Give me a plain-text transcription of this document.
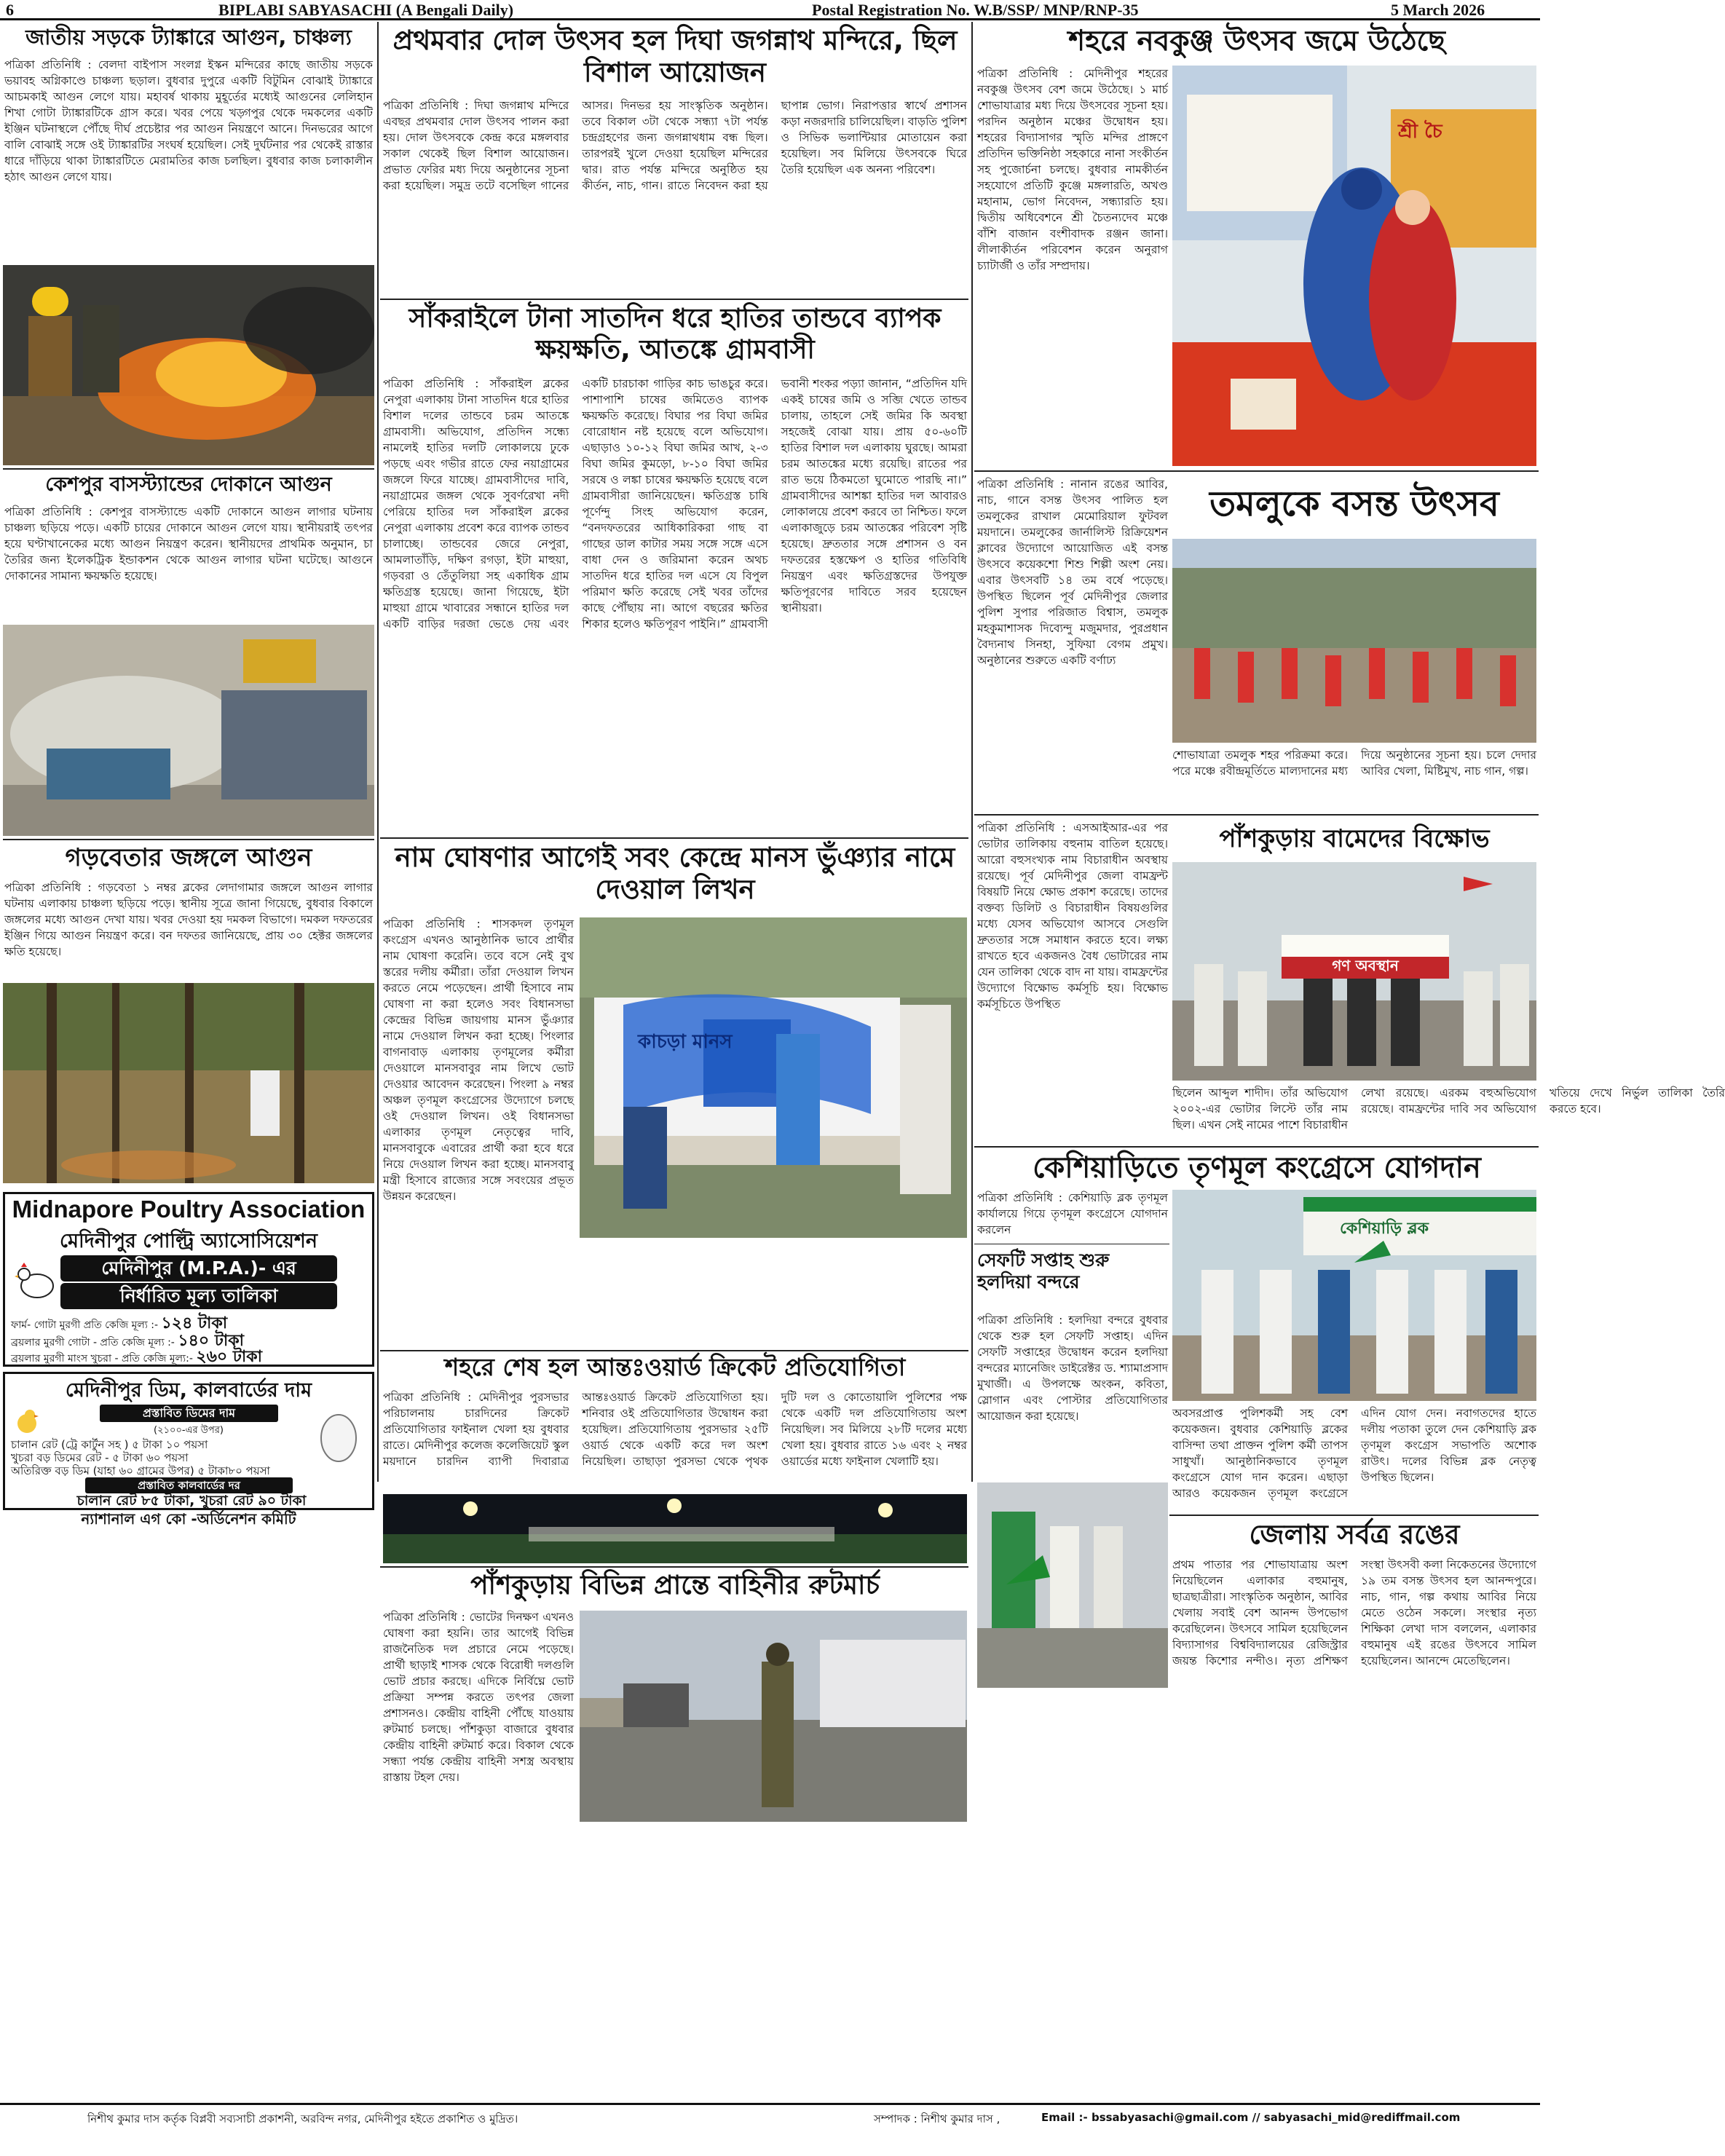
6	BIPLABI SABYASACHI (A Bengali Daily)	Postal Registration No. W.B/SSP/ MNP/RNP-35	5 March 2026
জাতীয় সড়কে ট্যাঙ্কারে আগুন, চাঞ্চল্য
পত্রিকা প্রতিনিধি : বেলদা বাইপাস সংলগ্ন ইস্কন মন্দিরের কাছে জাতীয় সড়কে ভয়াবহ অগ্নিকাণ্ডে চাঞ্চল্য ছড়াল। বুধবার দুপুরে একটি বিটুমিন বোঝাই ট্যাঙ্কারে আচমকাই আগুন লেগে যায়। মহাবৰ্ষ থাকায় মুহূর্তের মধ্যেই আগুনের লেলিহান শিখা গোটা ট্যাঙ্কারটিকে গ্রাস করে। খবর পেয়ে খড়্গপুর থেকে দমকলের একটি ইঞ্জিন ঘটনাস্থলে পৌঁছে দীর্ঘ প্রচেষ্টার পর আগুন নিয়ন্ত্রণে আনে। দিনভরের আগে বালি বোঝাই সঙ্গে ওই ট্যাঙ্কারটির সংঘর্ষ হয়েছিল। সেই দুর্ঘটনার পর থেকেই রাস্তার ধারে দাঁড়িয়ে থাকা ট্যাঙ্কারটিতে মেরামতির কাজ চলছিল। বুধবার কাজ চলাকালীন হঠাৎ আগুন লেগে যায়।
কেশপুর বাসস্ট্যান্ডের দোকানে আগুন
পত্রিকা প্রতিনিধি : কেশপুর বাসস্ট্যান্ডে একটি দোকানে আগুন লাগার ঘটনায় চাঞ্চল্য ছড়িয়ে পড়ে। একটি চায়ের দোকানে আগুন লেগে যায়। স্থানীয়রাই তৎপর হয়ে ঘণ্টাখানেকের মধ্যে আগুন নিয়ন্ত্রণ করেন। স্থানীয়দের প্রাথমিক অনুমান, চা তৈরির জন্য ইলেকট্রিক ইন্ডাকশন থেকে আগুন লাগার ঘটনা ঘটেছে। আগুনে দোকানের সামান্য ক্ষয়ক্ষতি হয়েছে।
গড়বেতার জঙ্গলে আগুন
পত্রিকা প্রতিনিধি : গড়বেতা ১ নম্বর ব্লকের লেদাগামার জঙ্গলে আগুন লাগার ঘটনায় এলাকায় চাঞ্চল্য ছড়িয়ে পড়ে। স্থানীয় সূত্রে জানা গিয়েছে, বুধবার বিকালে জঙ্গলের মধ্যে আগুন দেখা যায়। খবর দেওয়া হয় দমকল বিভাগে। দমকল দফতরের ইঞ্জিন গিয়ে আগুন নিয়ন্ত্রণ করে। বন দফতর জানিয়েছে, প্রায় ৩০ হেক্টর জঙ্গলের ক্ষতি হয়েছে।
Midnapore Poultry Association
মেদিনীপুর পোল্ট্রি অ্যাসোসিয়েশন
মেদিনীপুর (M.P.A.)- এর
নির্ধারিত মূল্য তালিকা
ফার্ম- গোটা মুরগী প্রতি কেজি মূল্য :- ১২৪ টাকা
ব্রয়লার মুরগী গোটা - প্রতি কেজি মূল্য :- ১৪০ টাকা
ব্রয়লার মুরগী মাংস খুচরা - প্রতি কেজি মূল্য:- ২৬০ টাকা
মেদিনীপুর ডিম, কালবার্ডের দাম
প্রস্তাবিত ডিমের দাম
(২১০০-এর উপর)
চালান রেট (ট্রে কার্টুন সহ ) ৫ টাকা ১০ পয়সা
খুচরা বড় ডিমের রেট - ৫ টাকা ৬০ পয়সা
অতিরিক্ত বড় ডিম (যাহা ৬০ গ্রামের উপর) ৫ টাকা৮০ পয়সা
প্রস্তাবিত কালবার্ডের দর
চালান রেট ৮৫ টাকা, খুচরা রেট ৯০ টাকা
ন্যাশানাল এগ কো -অর্ডিনেশন কমিটি
প্রথমবার দোল উৎসব হল দিঘা জগন্নাথ মন্দিরে, ছিল বিশাল আয়োজন
পত্রিকা প্রতিনিধি : দিঘা জগন্নাথ মন্দিরে এবছর প্রথমবার দোল উৎসব পালন করা হয়। দোল উৎসবকে কেন্দ্র করে মঙ্গলবার সকাল থেকেই ছিল বিশাল আয়োজন। প্রভাত ফেরির মধ্য দিয়ে অনুষ্ঠানের সূচনা করা হয়েছিল। সমুদ্র তটে বসেছিল গানের আসর। দিনভর হয় সাংস্কৃতিক অনুষ্ঠান। তবে বিকাল ৩টা থেকে সন্ধ্যা ৭টা পর্যন্ত চন্দ্রগ্রহণের জন্য জগন্নাথধাম বন্ধ ছিল। তারপরই খুলে দেওয়া হয়েছিল মন্দিরের দ্বার। রাত পর্যন্ত মন্দিরে অনুষ্ঠিত হয় কীর্তন, নাচ, গান। রাতে নিবেদন করা হয় ছাপান্ন ভোগ। নিরাপত্তার স্বার্থে প্রশাসন কড়া নজরদারি চালিয়েছিল। বাড়তি পুলিশ ও সিভিক ভলান্টিয়ার মোতায়েন করা হয়েছিল। সব মিলিয়ে উৎসবকে ঘিরে তৈরি হয়েছিল এক অনন্য পরিবেশ।
সাঁকরাইলে টানা সাতদিন ধরে হাতির তান্ডবে ব্যাপক ক্ষয়ক্ষতি, আতঙ্কে গ্রামবাসী
পত্রিকা প্রতিনিধি : সাঁকরাইল ব্লকের নেপুরা এলাকায় টানা সাতদিন ধরে হাতির বিশাল দলের তান্ডবে চরম আতঙ্কে গ্রামবাসী। অভিযোগ, প্রতিদিন সন্ধ্যে নামলেই হাতির দলটি লোকালয়ে ঢুকে পড়ছে এবং গভীর রাতে ফের নয়াগ্রামের জঙ্গলে ফিরে যাচ্ছে। গ্রামবাসীদের দাবি, নয়াগ্রামের জঙ্গল থেকে সুবর্ণরেখা নদী পেরিয়ে হাতির দল সাঁকরাইল ব্লকের নেপুরা এলাকায় প্রবেশ করে ব্যাপক তান্ডব চালাচ্ছে। তান্ডবের জেরে নেপুরা, আমলাতাঁড়ি, দক্ষিণ রগড়া, ইটা মাহুয়া, গড়বরা ও তেঁতুলিয়া সহ একাধিক গ্রাম ক্ষতিগ্রস্ত হয়েছে। জানা গিয়েছে, ইটা মাহুয়া গ্রামে খাবারের সন্ধানে হাতির দল একটি বাড়ির দরজা ভেঙে দেয় এবং একটি চারচাকা গাড়ির কাচ ভাঙচুর করে। পাশাপাশি চাষের জমিতেও ব্যাপক ক্ষয়ক্ষতি করেছে। বিঘার পর বিঘা জমির বোরোধান নষ্ট হয়েছে বলে অভিযোগ। এছাড়াও ১০-১২ বিঘা জমির আখ, ২-৩ বিঘা জমির কুমড়ো, ৮-১০ বিঘা জমির সরষে ও লঙ্কা চাষের ক্ষয়ক্ষতি হয়েছে বলে গ্রামবাসীরা জানিয়েছেন। ক্ষতিগ্রস্ত চাষি পূর্ণেন্দু সিংহ অভিযোগ করেন, “বনদফতরের আধিকারিকরা গাছ বা গাছের ডাল কাটার সময় সঙ্গে সঙ্গে এসে বাধা দেন ও জরিমানা করেন অথচ সাতদিন ধরে হাতির দল এসে যে বিপুল পরিমাণ ক্ষতি করেছে সেই খবর তাঁদের কাছে পৌঁছায় না। আগে বছরের ক্ষতির শিকার হলেও ক্ষতিপূরণ পাইনি।” গ্রামবাসী ভবানী শংকর পড়্যা জানান, “প্রতিদিন যদি একই চাষের জমি ও সব্জি খেতে তান্ডব চালায়, তাহলে সেই জমির কি অবস্থা সহজেই বোঝা যায়। প্রায় ৫০-৬০টি হাতির বিশাল দল এলাকায় ঘুরছে। আমরা চরম আতঙ্কের মধ্যে রয়েছি। রাতের পর রাত ভয়ে ঠিকমতো ঘুমোতে পারছি না।” গ্রামবাসীদের আশঙ্কা হাতির দল আবারও লোকালয়ে প্রবেশ করবে তা নিশ্চিত। ফলে এলাকাজুড়ে চরম আতঙ্কের পরিবেশ সৃষ্টি হয়েছে। দ্রুততার সঙ্গে প্রশাসন ও বন দফতরের হস্তক্ষেপ ও হাতির গতিবিধি নিয়ন্ত্রণ এবং ক্ষতিগ্রস্তদের উপযুক্ত ক্ষতিপূরণের দাবিতে সরব হয়েছেন স্থানীয়রা।
নাম ঘোষণার আগেই সবং কেন্দ্রে মানস ভুঁঞ্যার নামে দেওয়াল লিখন
পত্রিকা প্রতিনিধি : শাসকদল তৃণমূল কংগ্রেস এখনও আনুষ্ঠানিক ভাবে প্রার্থীর নাম ঘোষণা করেনি। তবে বসে নেই বুথ স্তরের দলীয় কর্মীরা। তাঁরা দেওয়াল লিখন করতে নেমে পড়েছেন। প্রার্থী হিসাবে নাম ঘোষণা না করা হলেও সবং বিধানসভা কেন্দ্রের বিভিন্ন জায়গায় মানস ভুঁঞ্যার নামে দেওয়াল লিখন করা হচ্ছে। পিংলার বাগনাবাড় এলাকায় তৃণমূলের কর্মীরা দেওয়ালে মানসবাবুর নাম লিখে ভোট দেওয়ার আবেদন করেছেন। পিংলা ৯ নম্বর অঞ্চল তৃণমূল কংগ্রেসের উদ্যোগে চলছে ওই দেওয়াল লিখন। ওই বিধানসভা এলাকার তৃণমূল নেতৃত্বের দাবি, মানসবাবুকে এবারের প্রার্থী করা হবে ধরে নিয়ে দেওয়াল লিখন করা হচ্ছে। মানসবাবু মন্ত্রী হিসাবে রাজ্যের সঙ্গে সবংয়ের প্রভূত উন্নয়ন করেছেন।
কাচড়া মানস
শহরে শেষ হল আন্তঃওয়ার্ড ক্রিকেট প্রতিযোগিতা
পত্রিকা প্রতিনিধি : মেদিনীপুর পুরসভার পরিচালনায় চারদিনের ক্রিকেট প্রতিযোগিতার ফাইনাল খেলা হয় বুধবার রাতে। মেদিনীপুর কলেজ কলেজিয়েট স্কুল ময়দানে চারদিন ব্যাপী দিবারাত্র আন্তঃওয়ার্ড ক্রিকেট প্রতিযোগিতা হয়। শনিবার ওই প্রতিযোগিতার উদ্বোধন করা হয়েছিল। প্রতিযোগিতায় পুরসভার ২৫টি ওয়ার্ড থেকে একটি করে দল অংশ নিয়েছিল। তাছাড়া পুরসভা থেকে পৃথক দুটি দল ও কোতোয়ালি পুলিশের পক্ষ থেকে একটি দল প্রতিযোগিতায় অংশ নিয়েছিল। সব মিলিয়ে ২৮টি দলের মধ্যে খেলা হয়। বুধবার রাতে ১৬ এবং ২ নম্বর ওয়ার্ডের মধ্যে ফাইনাল খেলাটি হয়।
পাঁশকুড়ায় বিভিন্ন প্রান্তে বাহিনীর রুটমার্চ
পত্রিকা প্রতিনিধি : ভোটের দিনক্ষণ এখনও ঘোষণা করা হয়নি। তার আগেই বিভিন্ন রাজনৈতিক দল প্রচারে নেমে পড়েছে। প্রার্থী ছাড়াই শাসক থেকে বিরোধী দলগুলি ভোট প্রচার করছে। এদিকে নির্বিঘ্নে ভোট প্রক্রিয়া সম্পন্ন করতে তৎপর জেলা প্রশাসনও। কেন্দ্রীয় বাহিনী পৌঁছে যাওয়ায় রুটমার্চ চলছে। পাঁশকুড়া বাজারে বুধবার কেন্দ্রীয় বাহিনী রুটমার্চ করে। বিকাল থেকে সন্ধ্যা পর্যন্ত কেন্দ্রীয় বাহিনী সশস্ত্র অবস্থায় রাস্তায় টহল দেয়।
শহরে নবকুঞ্জ উৎসব জমে উঠেছে
পত্রিকা প্রতিনিধি : মেদিনীপুর শহরের নবকুঞ্জ উৎসব বেশ জমে উঠেছে। ১ মার্চ শোভাযাত্রার মধ্য দিয়ে উৎসবের সূচনা হয়। পরদিন অনুষ্ঠান মঞ্চের উদ্বোধন হয়। শহরের বিদ্যাসাগর স্মৃতি মন্দির প্রাঙ্গণে প্রতিদিন ভক্তিনিষ্ঠা সহকারে নানা সংকীর্তন সহ পুজোর্চনা চলছে। বুধবার নামকীর্তন সহযোগে প্রতিটি কুঞ্জে মঙ্গলারতি, অখণ্ড মহানাম, ভোগ নিবেদন, সন্ধ্যারতি হয়। দ্বিতীয় অধিবেশনে শ্রী চৈতন্যদেব মঞ্চে বাঁশি বাজান বংশীবাদক রঞ্জন জানা। লীলাকীর্তন পরিবেশন করেন অনুরাগ চ্যাটার্জী ও তাঁর সম্প্রদায়।
শ্রী চৈ
পত্রিকা প্রতিনিধি : নানান রঙের আবির, নাচ, গানে বসন্ত উৎসব পালিত হল তমলুকের রাখাল মেমোরিয়াল ফুটবল ময়দানে। তমলুকের জার্নালিস্ট রিক্রিয়েশন ক্লাবের উদ্যোগে আয়োজিত এই বসন্ত উৎসবে কয়েকশো শিশু শিল্পী অংশ নেয়। এবার উৎসবটি ১৪ তম বর্ষে পড়েছে। উপস্থিত ছিলেন পূর্ব মেদিনীপুর জেলার পুলিশ সুপার পরিজাত বিশ্বাস, তমলুক মহকুমাশাসক দিব্যেন্দু মজুমদার, পুরপ্রধান বৈদ্যনাথ সিনহা, সুফিয়া বেগম প্রমুখ। অনুষ্ঠানের শুরুতে একটি বর্ণাঢ্য
তমলুকে বসন্ত উৎসব
শোভাযাত্রা তমলুক শহর পরিক্রমা করে। পরে মঞ্চে রবীন্দ্রমূর্তিতে মাল্যদানের মধ্য দিয়ে অনুষ্ঠানের সূচনা হয়। চলে দেদার আবির খেলা, মিষ্টিমুখ, নাচ গান, গল্প।
পত্রিকা প্রতিনিধি : এসআইআর-এর পর ভোটার তালিকায় বহুনাম বাতিল হয়েছে। আরো বহুসংখ্যক নাম বিচারাধীন অবস্থায় রয়েছে। পূর্ব মেদিনীপুর জেলা বামফ্রন্ট বিষয়টি নিয়ে ক্ষোভ প্রকাশ করেছে। তাদের বক্তব্য ডিলিট ও বিচারাধীন বিষয়গুলির মধ্যে যেসব অভিযোগ আসবে সেগুলি দ্রুততার সঙ্গে সমাধান করতে হবে। লক্ষ্য রাখতে হবে একজনও বৈধ ভোটারের নাম যেন তালিকা থেকে বাদ না যায়। বামফ্রন্টের উদ্যোগে বিক্ষোভ কর্মসূচি হয়। বিক্ষোভ কর্মসূচিতে উপস্থিত
পাঁশকুড়ায় বামেদের বিক্ষোভ
গণ অবস্থান
ছিলেন আব্দুল শাদীদ। তাঁর অভিযোগ ২০০২-এর ভোটার লিস্টে তাঁর নাম ছিল। এখন সেই নামের পাশে বিচারাধীন লেখা রয়েছে। এরকম বহুঅভিযোগ রয়েছে। বামফ্রন্টের দাবি সব অভিযোগ খতিয়ে দেখে নির্ভুল তালিকা তৈরি করতে হবে।
কেশিয়াড়িতে তৃণমূল কংগ্রেসে যোগদান
পত্রিকা প্রতিনিধি : কেশিয়াড়ি ব্লক তৃণমূল কার্যালয়ে গিয়ে তৃণমূল কংগ্রেসে যোগদান করলেন
সেফটি সপ্তাহ শুরু হলদিয়া বন্দরে
পত্রিকা প্রতিনিধি : হলদিয়া বন্দরে বুধবার থেকে শুরু হল সেফটি সপ্তাহ। এদিন সেফটি সপ্তাহের উদ্বোধন করেন হলদিয়া বন্দরের ম্যানেজিং ডাইরেক্টর ড. শ্যামাপ্রসাদ মুখার্জী। এ উপলক্ষে অংকন, কবিতা, স্লোগান এবং পোস্টার প্রতিযোগিতার আয়োজন করা হয়েছে।
কেশিয়াড়ি ব্লক
অবসরপ্রাপ্ত পুলিশকর্মী সহ বেশ কয়েকজন। বুধবার কেশিয়াড়ি ব্লকের বাসিন্দা তথা প্রাক্তন পুলিশ কর্মী তাপস সাধুখাঁ। আনুষ্ঠানিকভাবে তৃণমূল কংগ্রেসে যোগ দান করেন। এছাড়া আরও কয়েকজন তৃণমূল কংগ্রেসে এদিন যোগ দেন। নবাগতদের হাতে দলীয় পতাকা তুলে দেন কেশিয়াড়ি ব্লক তৃণমূল কংগ্রেস সভাপতি অশোক রাউৎ। দলের বিভিন্ন ব্লক নেতৃত্ব উপস্থিত ছিলেন।
জেলায় সর্বত্র রঙের
প্রথম পাতার পর শোভাযাত্রায় অংশ নিয়েছিলেন এলাকার বহুমানুষ, ছাত্রছাত্রীরা। সাংস্কৃতিক অনুষ্ঠান, আবির খেলায় সবাই বেশ আনন্দ উপভোগ করেছিলেন। উৎসবে সামিল হয়েছিলেন বিদ্যাসাগর বিশ্ববিদ্যালয়ের রেজিস্ট্রার জয়ন্ত কিশোর নন্দীও। নৃত্য প্রশিক্ষণ সংস্থা উৎসবী কলা নিকেতনের উদ্যোগে ১৯ তম বসন্ত উৎসব হল আনন্দপুরে। নাচ, গান, গল্প কথায় আবির নিয়ে মেতে ওঠেন সকলে। সংস্থার নৃত্য শিক্ষিকা লেখা দাস বললেন, এলাকার বহুমানুষ এই রঙের উৎসবে সামিল হয়েছিলেন। আনন্দে মেতেছিলেন।
নিশীথ কুমার দাস কর্তৃক বিপ্লবী সব্যসাচী প্রকাশনী, অরবিন্দ নগর, মেদিনীপুর হইতে প্রকাশিত ও মুদ্রিত।	সম্পাদক : নিশীথ কুমার দাস ,	Email :- bssabyasachi@gmail.com // sabyasachi_mid@rediffmail.com
